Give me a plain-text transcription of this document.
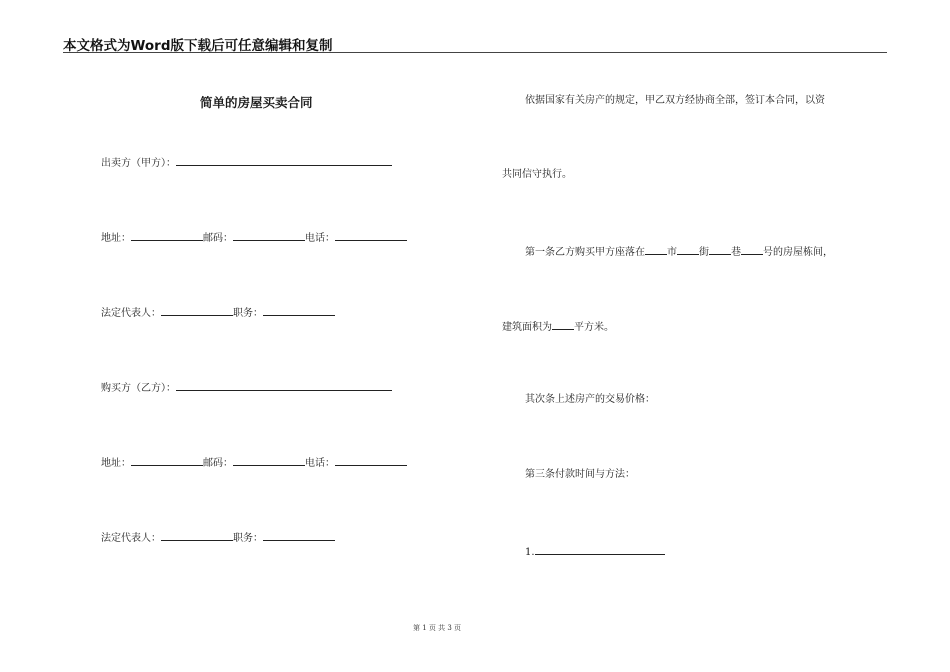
本文格式为Word版下载后可任意编辑和复制
简单的房屋买卖合同
出卖方（甲方）：
地址：	邮码：	电话：
法定代表人：	职务：
购买方（乙方）：
地址：	邮码：	电话：
法定代表人：	职务：
依据国家有关房产的规定，甲乙双方经协商全部，签订本合同，以资
共同信守执行。
第一条乙方购买甲方座落在 市 街 巷 号的房屋栋间，
建筑面积为 平方米。
其次条上述房产的交易价格：
第三条付款时间与方法：
1.
第 1 页 共 3 页
